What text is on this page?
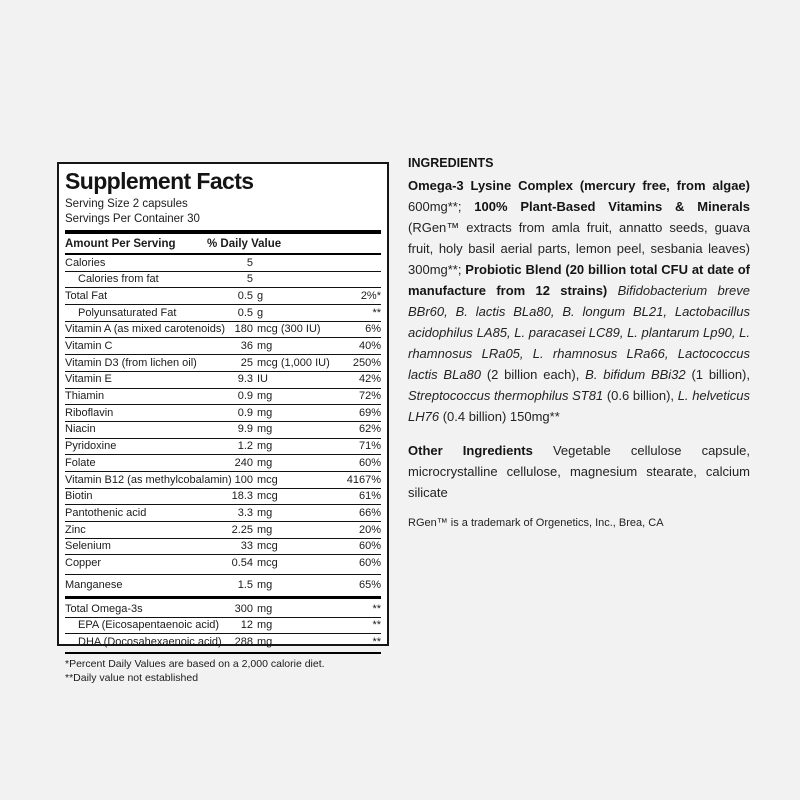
Supplement Facts
Serving Size 2 capsules
Servings Per Container 30
Amount Per Serving	% Daily Value
Calories	5
Calories from fat	5
Total Fat	0.5 g	2%*
Polyunsaturated Fat	0.5 g	**
Vitamin A (as mixed carotenoids) 180 mcg (300 IU)	6%
Vitamin C	36 mg	40%
Vitamin D3 (from lichen oil)	25 mcg (1,000 IU) 250%
Vitamin E	9.3 IU	42%
Thiamin	0.9 mg	72%
Riboflavin	0.9 mg	69%
Niacin	9.9 mg	62%
Pyridoxine	1.2 mg	71%
Folate	240 mg	60%
Vitamin B12 (as methylcobalamin) 100 mcg	4167%
Biotin	18.3 mcg	61%
Pantothenic acid	3.3 mg	66%
Zinc	2.25 mg	20%
Selenium	33 mcg	60%
Copper	0.54 mcg	60%
Manganese	1.5 mg	65%
Total Omega-3s	300 mg	**
EPA (Eicosapentaenoic acid)	12 mg	**
DHA (Docosahexaenoic acid)	288 mg	**
*Percent Daily Values are based on a 2,000 calorie diet.
**Daily value not established
INGREDIENTS

Omega-3 Lysine Complex (mercury free, from algae) 600mg**; 100% Plant-Based Vitamins & Minerals (RGen™ extracts from amla fruit, annatto seeds, guava fruit, holy basil aerial parts, lemon peel, sesbania leaves) 300mg**; Probiotic Blend (20 billion total CFU at date of manufacture from 12 strains) Bifidobacterium breve BBr60, B. lactis BLa80, B. longum BL21, Lactobacillus acidophilus LA85, L. paracasei LC89, L. plantarum Lp90, L. rhamnosus LRa05, L. rhamnosus LRa66, Lactococcus lactis BLa80 (2 billion each), B. bifidum BBi32 (1 billion), Streptococcus thermophilus ST81 (0.6 billion), L. helveticus LH76 (0.4 billion) 150mg**

Other Ingredients Vegetable cellulose capsule, microcrystalline cellulose, magnesium stearate, calcium silicate

RGen™ is a trademark of Orgenetics, Inc., Brea, CA
